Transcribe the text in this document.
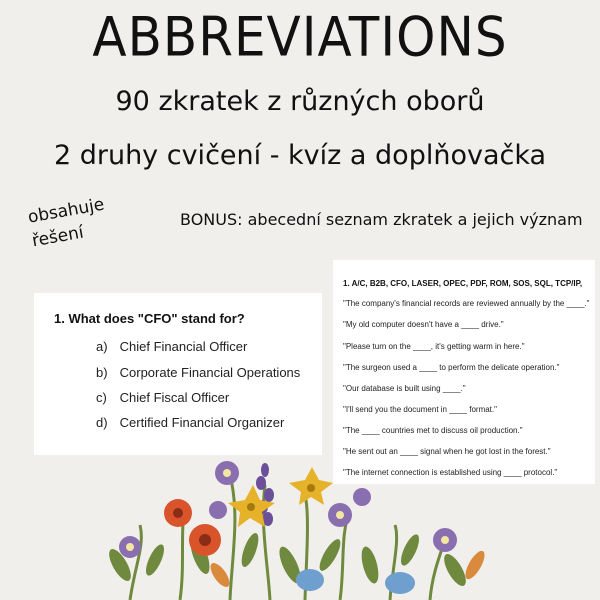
ABBREVIATIONS
90 zkratek z různých oborů
2 druhy cvičení - kvíz a doplňovačka
obsahuje
řešení
BONUS: abecední seznam zkratek a jejich význam
1. What does "CFO" stand for?
a) Chief Financial Officer
b) Corporate Financial Operations
c) Chief Fiscal Officer
d) Certified Financial Organizer
1. A/C, B2B, CFO, LASER, OPEC, PDF, ROM, SOS, SQL, TCP/IP,
"The company's financial records are reviewed annually by the ____."
"My old computer doesn't have a ____ drive."
"Please turn on the ____, it's getting warm in here."
"The surgeon used a ____ to perform the delicate operation."
"Our database is built using ____."
"I'll send you the document in ____ format."
"The ____ countries met to discuss oil production."
"He sent out an ____ signal when he got lost in the forest."
"The internet connection is established using ____ protocol."
